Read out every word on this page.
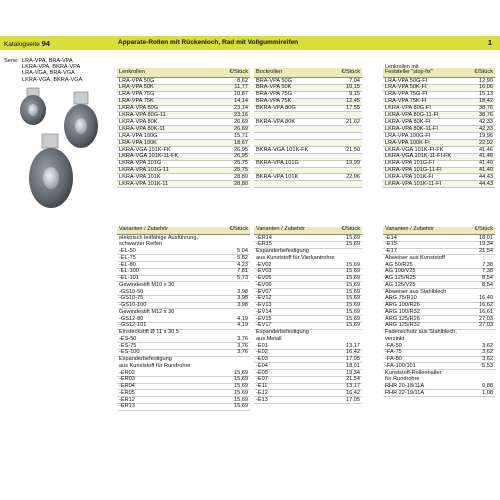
Katalogseite 94	Apparate-Rollen mit Rückenloch, Rad mit Vollgummireifen	1
Serie: LRA-VPA, BRA-VPA
LKRA-VPA, BKRA-VPA
LRA-VGA, BRA-VGA
LKRA-VGA, BKRA-VGA
Lenkrollen	€/Stück
LRA-VPA 50G	8,62
LRA-VPA 50K	11,77
LRA-VPA 75G	10,87
LRA-VPA 75K	14,14
LKRA-VPA 80G	23,14
LKRA-VPA 80G-11	23,16
LKRA-VPA 80K	26,69
LKRA-VPA 80K-11	26,69
LRA-VPA 100G	15,71
LRA-VPA 100K	18,67
LKRA-VGA 101K-FK	26,95
LKRA-VGA 101K-11-FK	26,95
LKRA-VPA 101G	25,75
LKRA-VPA 101G-11	25,75
LKRA-VPA 101K	28,80
LKRA-VPA 101K-11	28,80
Bockrollen	€/Stück
BRA-VPA 50G	7,04
BRA-VPA 50K	10,15
BRA-VPA 75G	9,15
BRA-VPA 75K	12,45
BKRA-VPA 80G	17,55
BKRA-VPA 80K	21,02
BKRA-VGA 101K-FK	21,50
BKRA-VPA 101G	19,99
BKRA-VPA 101K	22,96
Lenkrollen mit
Feststeller "stop-fix"	€/Stück
LRA-VPA 50G-FI	12,90
LRA-VPA 50K-FI	16,06
LRA-VPA 75G-FI	15,13
LRA-VPA 75K-FI	18,42
LKRA-VPA 80G-FI	38,76
LKRA-VPA 80G-11-FI	38,76
LKRA-VPA 80K-FI	42,33
LKRA-VPA 80K-11-FI	42,33
LRA-VPA 100G-FI	19,96
LRA-VPA 100K-FI	22,92
LKRA-VGA 101K-FI-FK	41,46
LKRA-VGA 101K-11-FI-FK	41,46
LKRA-VPA 101G-FI	41,40
LKRA-VPA 101G-11-FI	41,40
LKRA-VPA 101K-FI	44,43
LKRA-VPA 101K-11-FI	44,43
Varianten / Zubehör	€/Stück
elektrisch leitfähige Ausführung,
schwarzer Reifen
-EL-50	5,04
-EL-75	5,82
-EL-80	4,23
-EL-100	7,81
-EL-101	5,73
Gewindestift M10 x 30
-GS10-50	3,98
-GS10-75	3,98
-GS10-100	3,98
Gewindestift M12 x 30
-GS12-80	4,19
-GS12-101	4,19
Einsteckstift Ø 11 x 30,5
-ES-50	3,76
-ES-75	3,76
-ES-100	3,76
Expanderbefestigung
aus Kunststoff für Rundrohre
-ER02	15,69
-ER03	15,69
-ER04	15,69
-ER05	15,69
-ER12	15,69
-ER13	15,69
Varianten / Zubehör	€/Stück
-ER14	15,69
-ER15	15,69
Expanderbefestigung
aus Kunststoff für Vierkantrohre
-EV02	15,69
-EV03	15,69
-EV05	15,69
-EV06	15,69
-EV07	15,69
-EV12	15,69
-EV13	15,69
-EV14	15,69
-EV15	15,69
-EV17	15,69
Expanderbefestigung
aus Metall
-E01	13,17
-E02	16,42
-E03	17,05
-E04	18,01
-E05	19,34
-E07	21,54
-E11	13,17
-E12	16,42
-E13	17,05
Varianten / Zubehör	€/Stück
-E14	18,01
-E15	19,34
-E17	21,54
Abweiser aus Kunststoff
AG 50/R25	7,38
AG 100/V25	7,38
AG 125/R25	8,54
AG 125/V25	8,54
Abweiser aus Stahlblech
ARG 75/R10	16,40
ARG 100/R26	16,62
ARG 100/R32	16,61
ARG 125/R26	27,03
ARG 125/R32	27,03
Fadenschutz aus Stahlblech,
verzinkt
-FA-50	3,62
-FA-75	3,62
-FA-80	3,62
-FA-100/101	5,53
Kunststoff-Rollenhalter
für Rundrohre
RHR 20-18/11A	0,88
RHR 22-19/11A	1,08
